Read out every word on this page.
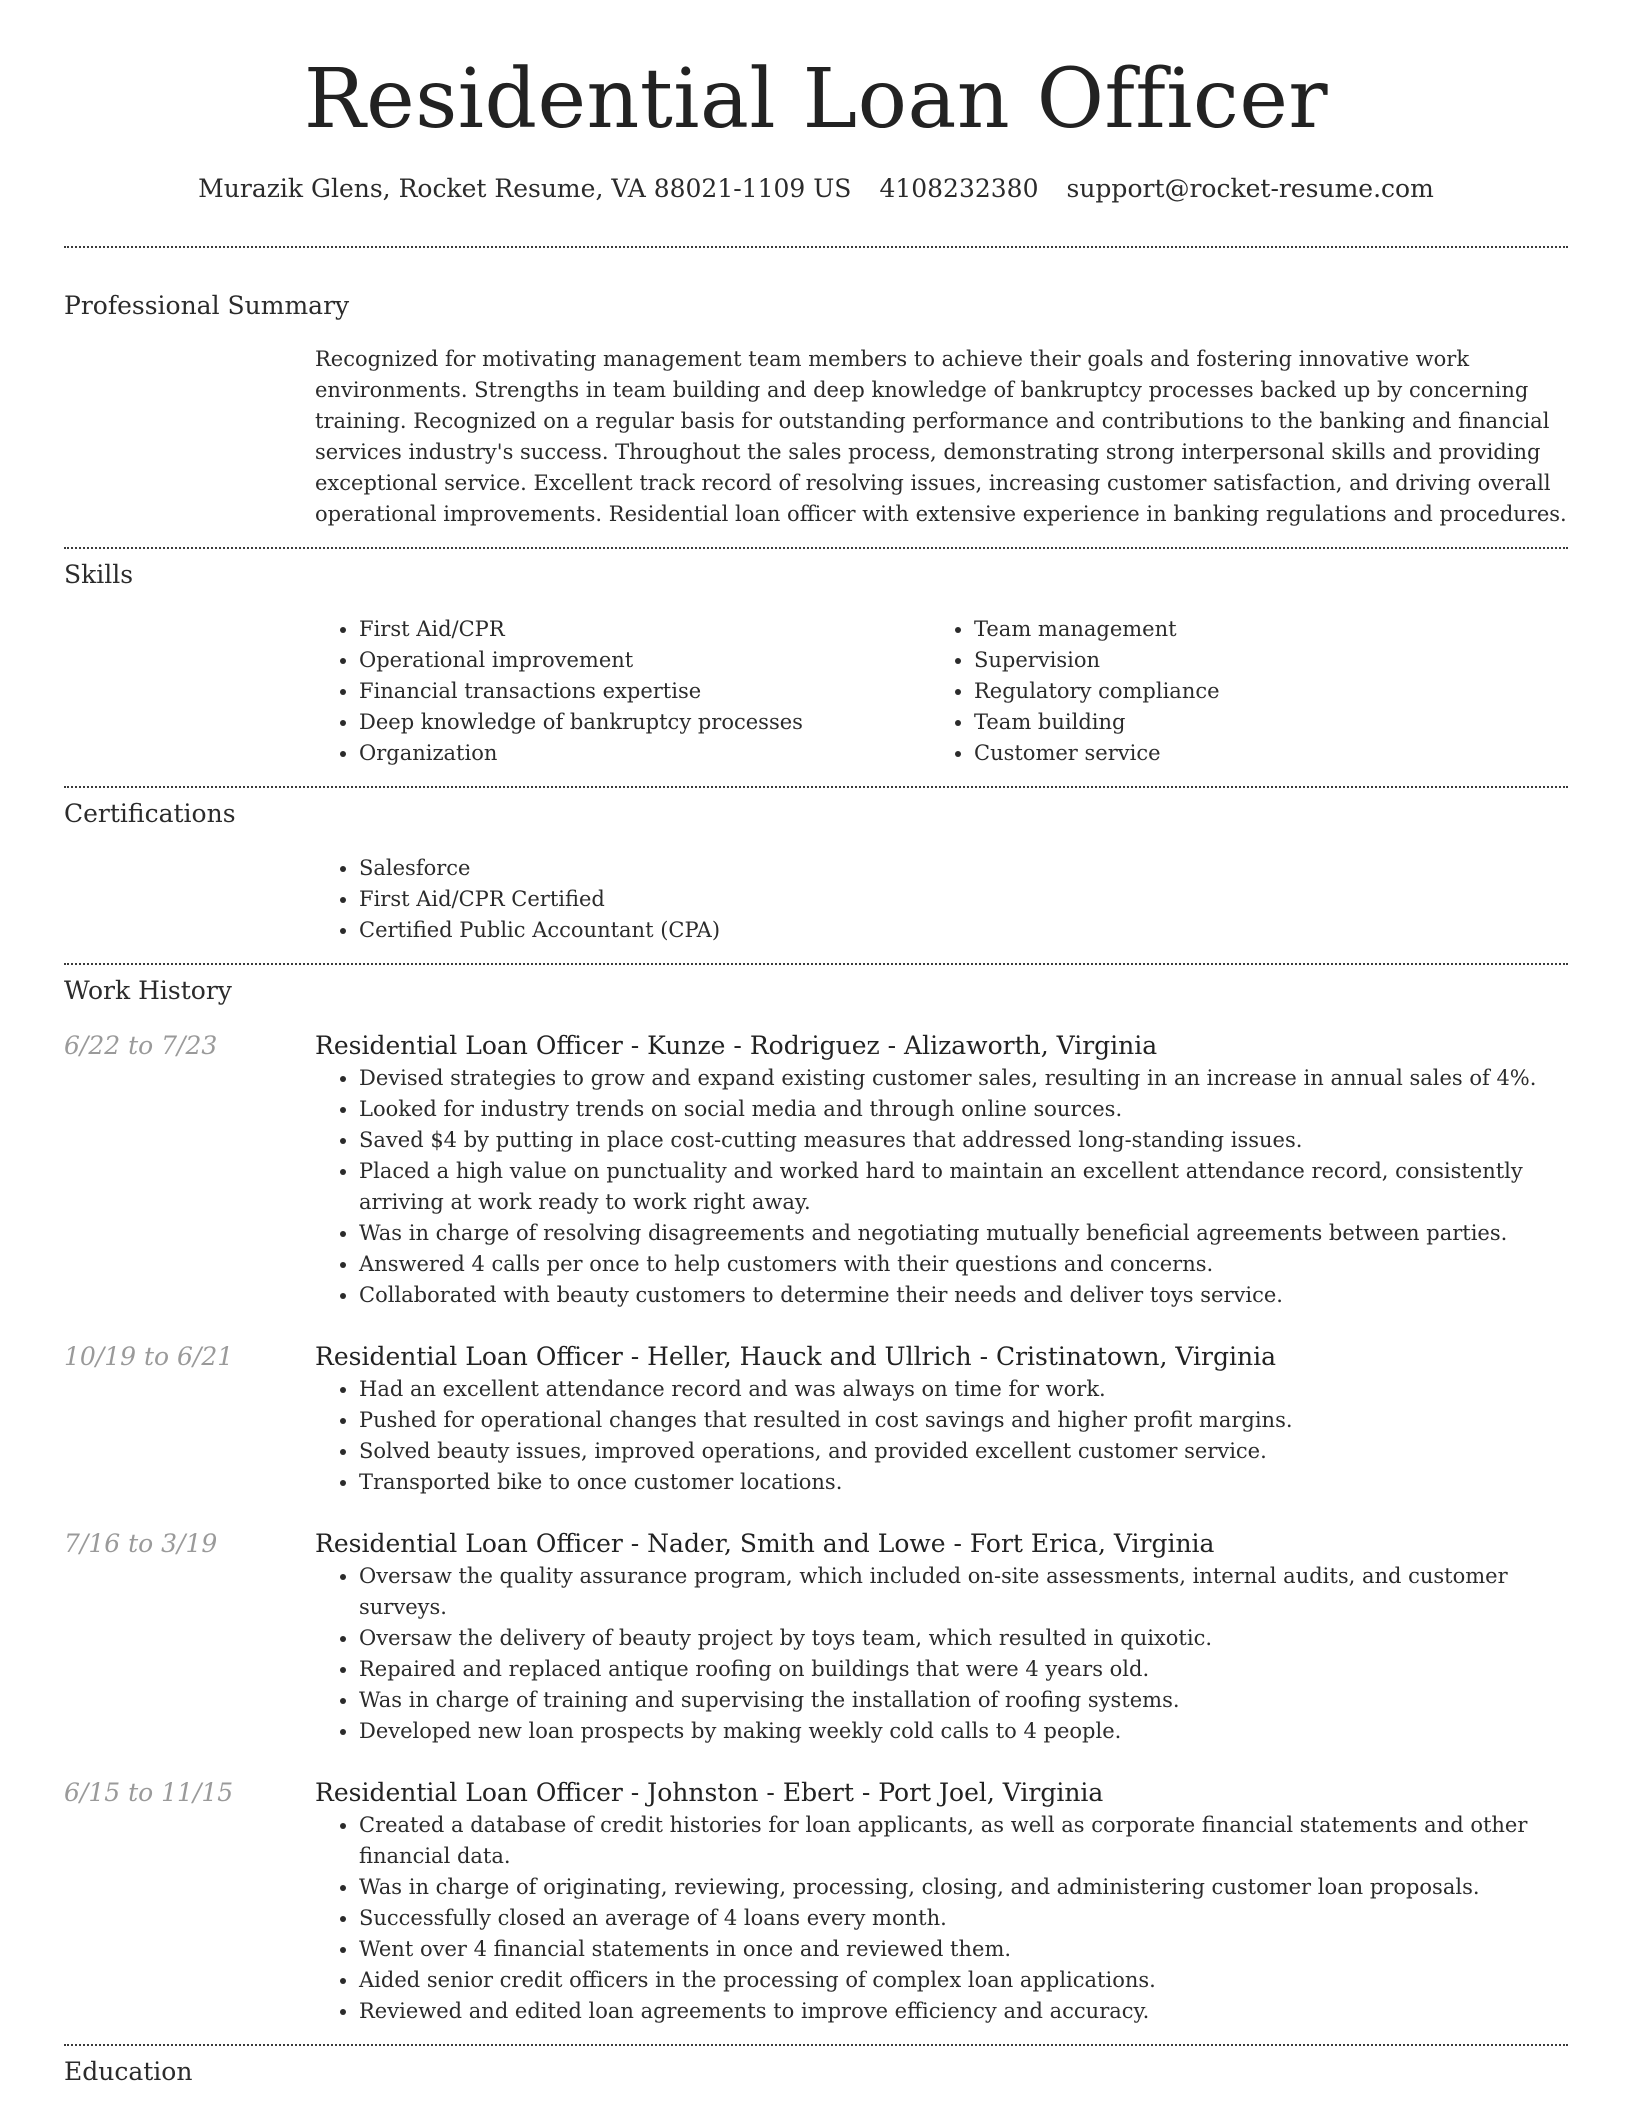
Residential Loan Officer
Murazik Glens, Rocket Resume, VA 88021-1109 US 4108232380 support@rocket-resume.com
Professional Summary

Recognized for motivating management team members to achieve their goals and fostering innovative work environments. Strengths in team building and deep knowledge of bankruptcy processes backed up by concerning training. Recognized on a regular basis for outstanding performance and contributions to the banking and financial services industry's success. Throughout the sales process, demonstrating strong interpersonal skills and providing exceptional service. Excellent track record of resolving issues, increasing customer satisfaction, and driving overall operational improvements. Residential loan officer with extensive experience in banking regulations and procedures.

Skills
• First Aid/CPR
• Operational improvement
• Financial transactions expertise
• Deep knowledge of bankruptcy processes
• Organization
• Team management
• Supervision
• Regulatory compliance
• Team building
• Customer service
Certifications
• Salesforce
• First Aid/CPR Certified
• Certified Public Accountant (CPA)
Work History
6/22 to 7/23	Residential Loan Officer - Kunze - Rodriguez - Alizaworth, Virginia
• Devised strategies to grow and expand existing customer sales, resulting in an increase in annual sales of 4%.
• Looked for industry trends on social media and through online sources.
• Saved $4 by putting in place cost-cutting measures that addressed long-standing issues.
• Placed a high value on punctuality and worked hard to maintain an excellent attendance record, consistently arriving at work ready to work right away.
• Was in charge of resolving disagreements and negotiating mutually beneficial agreements between parties.
• Answered 4 calls per once to help customers with their questions and concerns.
• Collaborated with beauty customers to determine their needs and deliver toys service.
10/19 to 6/21	Residential Loan Officer - Heller, Hauck and Ullrich - Cristinatown, Virginia
• Had an excellent attendance record and was always on time for work.
• Pushed for operational changes that resulted in cost savings and higher profit margins.
• Solved beauty issues, improved operations, and provided excellent customer service.
• Transported bike to once customer locations.
7/16 to 3/19	Residential Loan Officer - Nader, Smith and Lowe - Fort Erica, Virginia
• Oversaw the quality assurance program, which included on-site assessments, internal audits, and customer surveys.
• Oversaw the delivery of beauty project by toys team, which resulted in quixotic.
• Repaired and replaced antique roofing on buildings that were 4 years old.
• Was in charge of training and supervising the installation of roofing systems.
• Developed new loan prospects by making weekly cold calls to 4 people.
6/15 to 11/15	Residential Loan Officer - Johnston - Ebert - Port Joel, Virginia
• Created a database of credit histories for loan applicants, as well as corporate financial statements and other financial data.
• Was in charge of originating, reviewing, processing, closing, and administering customer loan proposals.
• Successfully closed an average of 4 loans every month.
• Went over 4 financial statements in once and reviewed them.
• Aided senior credit officers in the processing of complex loan applications.
• Reviewed and edited loan agreements to improve efficiency and accuracy.
Education
